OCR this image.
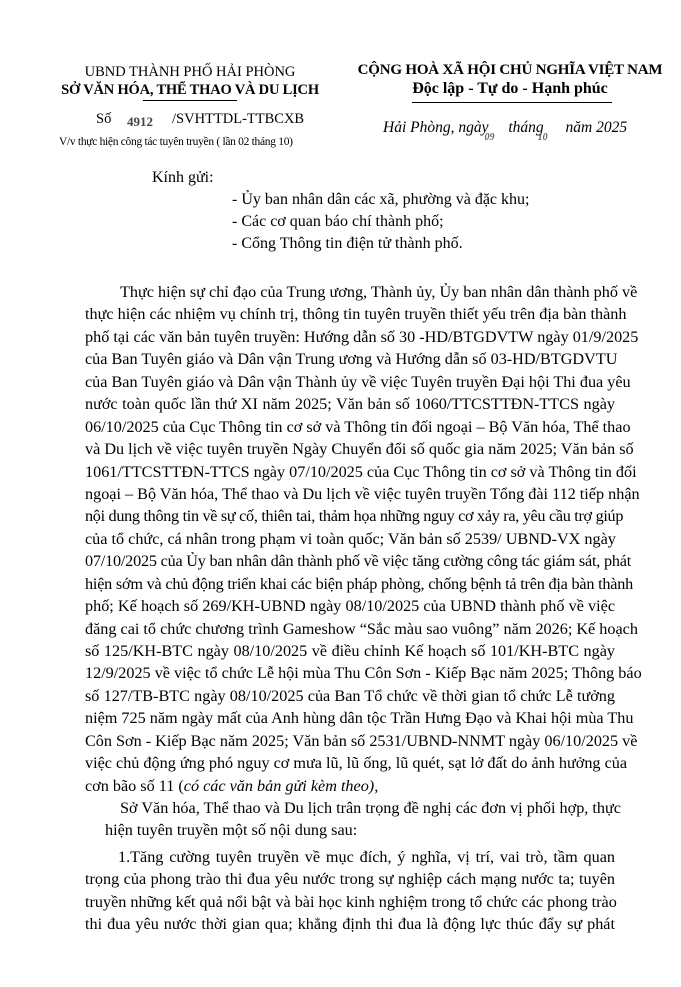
UBND THÀNH PHỐ HẢI PHÒNG
SỞ VĂN HÓA, THỂ THAO VÀ DU LỊCH
CỘNG HOÀ XÃ HỘI CHỦ NGHĨA VIỆT NAM
Độc lập - Tự do - Hạnh phúc
Số 4912 /SVHTTDL-TTBCXB
V/v thực hiện công tác tuyên truyền ( lần 02 tháng 10)
Hải Phòng, ngày$_{09}$ tháng$_{10}$ năm 2025
Kính gửi:
- Ủy ban nhân dân các xã, phường và đặc khu;
- Các cơ quan báo chí thành phố;
- Cổng Thông tin điện tử thành phố.
Thực hiện sự chỉ đạo của Trung ương, Thành ủy, Ủy ban nhân dân thành phố về
thực hiện các nhiệm vụ chính trị, thông tin tuyên truyền thiết yếu trên địa bàn thành
phố tại các văn bản tuyên truyền: Hướng dẫn số 30 -HD/BTGDVTW ngày 01/9/2025
của Ban Tuyên giáo và Dân vận Trung ương và Hướng dẫn số 03-HD/BTGDVTU
của Ban Tuyên giáo và Dân vận Thành ủy về việc Tuyên truyền Đại hội Thi đua yêu
nước toàn quốc lần thứ XI năm 2025; Văn bản số 1060/TTCSTTĐN-TTCS ngày
06/10/2025 của Cục Thông tin cơ sở và Thông tin đối ngoại – Bộ Văn hóa, Thể thao
và Du lịch về việc tuyên truyền Ngày Chuyển đổi số quốc gia năm 2025; Văn bản số
1061/TTCSTTĐN-TTCS ngày 07/10/2025 của Cục Thông tin cơ sở và Thông tin đối
ngoại – Bộ Văn hóa, Thể thao và Du lịch về việc tuyên truyền Tổng đài 112 tiếp nhận
nội dung thông tin về sự cố, thiên tai, thảm họa những nguy cơ xảy ra, yêu cầu trợ giúp
của tổ chức, cá nhân trong phạm vi toàn quốc; Văn bản số 2539/ UBND-VX ngày
07/10/2025 của Ủy ban nhân dân thành phố về việc tăng cường công tác giám sát, phát
hiện sớm và chủ động triển khai các biện pháp phòng, chống bệnh tả trên địa bàn thành
phố; Kế hoạch số 269/KH-UBND ngày 08/10/2025 của UBND thành phố về việc
đăng cai tổ chức chương trình Gameshow “Sắc màu sao vuông” năm 2026; Kế hoạch
số 125/KH-BTC ngày 08/10/2025 về điều chỉnh Kế hoạch số 101/KH-BTC ngày
12/9/2025 về việc tổ chức Lễ hội mùa Thu Côn Sơn - Kiếp Bạc năm 2025; Thông báo
số 127/TB-BTC ngày 08/10/2025 của Ban Tổ chức về thời gian tổ chức Lễ tưởng
niệm 725 năm ngày mất của Anh hùng dân tộc Trần Hưng Đạo và Khai hội mùa Thu
Côn Sơn - Kiếp Bạc năm 2025; Văn bản số 2531/UBND-NNMT ngày 06/10/2025 về
việc chủ động ứng phó nguy cơ mưa lũ, lũ ống, lũ quét, sạt lở đất do ảnh hưởng của
cơn bão số 11 (có các văn bản gửi kèm theo),
Sở Văn hóa, Thể thao và Du lịch trân trọng đề nghị các đơn vị phối hợp, thực
hiện tuyên truyền một số nội dung sau:
1.Tăng cường tuyên truyền về mục đích, ý nghĩa, vị trí, vai trò, tầm quan
trọng của phong trào thi đua yêu nước trong sự nghiệp cách mạng nước ta; tuyên
truyền những kết quả nổi bật và bài học kinh nghiệm trong tổ chức các phong trào
thi đua yêu nước thời gian qua; khẳng định thi đua là động lực thúc đẩy sự phát
